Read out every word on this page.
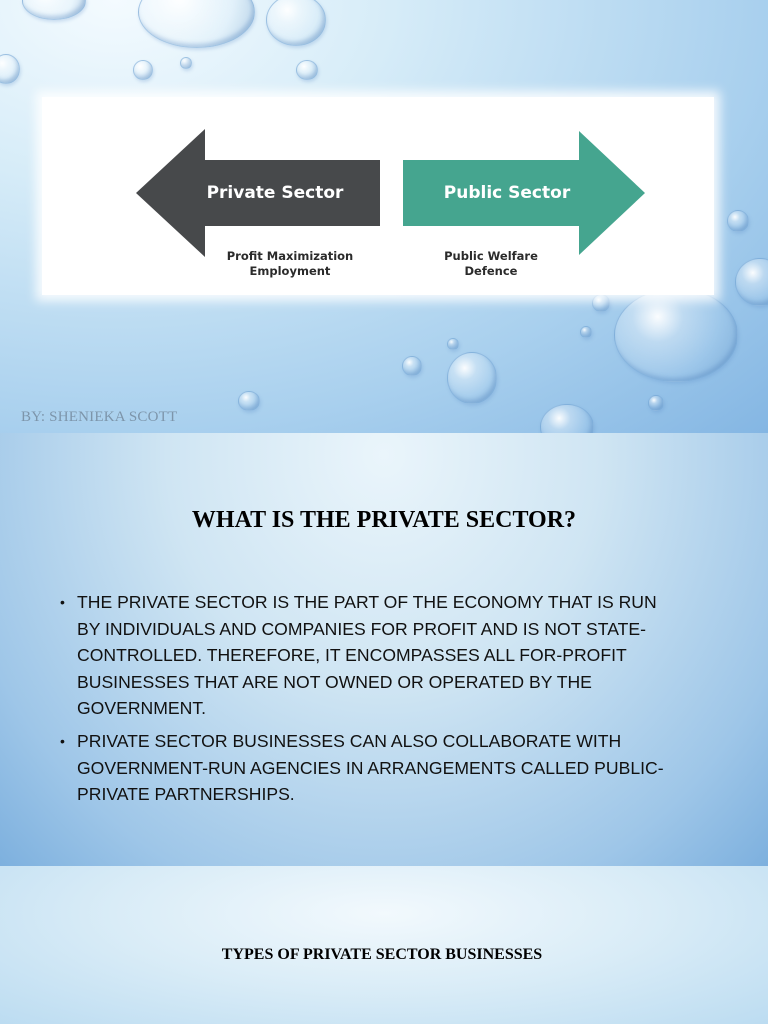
Private Sector	Public Sector
Profit Maximization
Employment
Public Welfare
Defence
BY: SHENIEKA SCOTT
WHAT IS THE PRIVATE SECTOR?
• THE PRIVATE SECTOR IS THE PART OF THE ECONOMY THAT IS RUN
BY INDIVIDUALS AND COMPANIES FOR PROFIT AND IS NOT STATE-
CONTROLLED. THEREFORE, IT ENCOMPASSES ALL FOR-PROFIT
BUSINESSES THAT ARE NOT OWNED OR OPERATED BY THE
GOVERNMENT.
• PRIVATE SECTOR BUSINESSES CAN ALSO COLLABORATE WITH
GOVERNMENT-RUN AGENCIES IN ARRANGEMENTS CALLED PUBLIC-
PRIVATE PARTNERSHIPS.
TYPES OF PRIVATE SECTOR BUSINESSES
